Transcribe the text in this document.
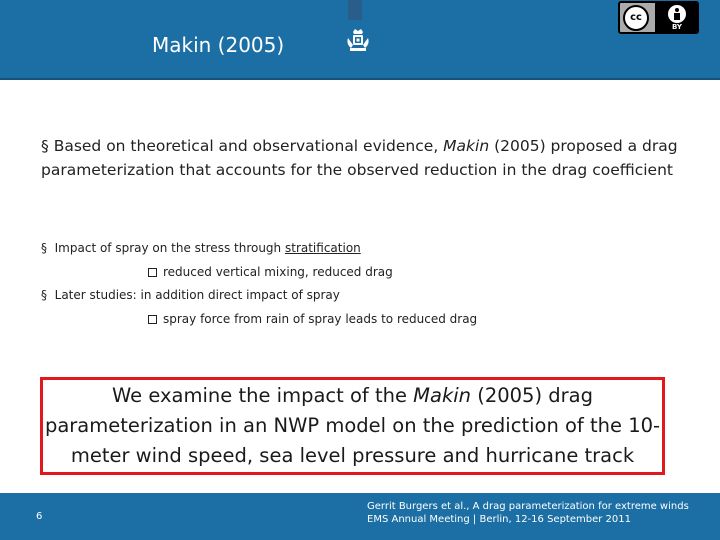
Makin (2005)
cc
BY
§ Based on theoretical and observational evidence, Makin (2005) proposed a drag parameterization that accounts for the observed reduction in the drag coefficient
§ Impact of spray on the stress through stratification
reduced vertical mixing, reduced drag
§ Later studies: in addition direct impact of spray
spray force from rain of spray leads to reduced drag
We examine the impact of the Makin (2005) drag parameterization in an NWP model on the prediction of the 10-meter wind speed, sea level pressure and hurricane track
6
Gerrit Burgers et al., A drag parameterization for extreme winds
EMS Annual Meeting | Berlin, 12-16 September 2011
